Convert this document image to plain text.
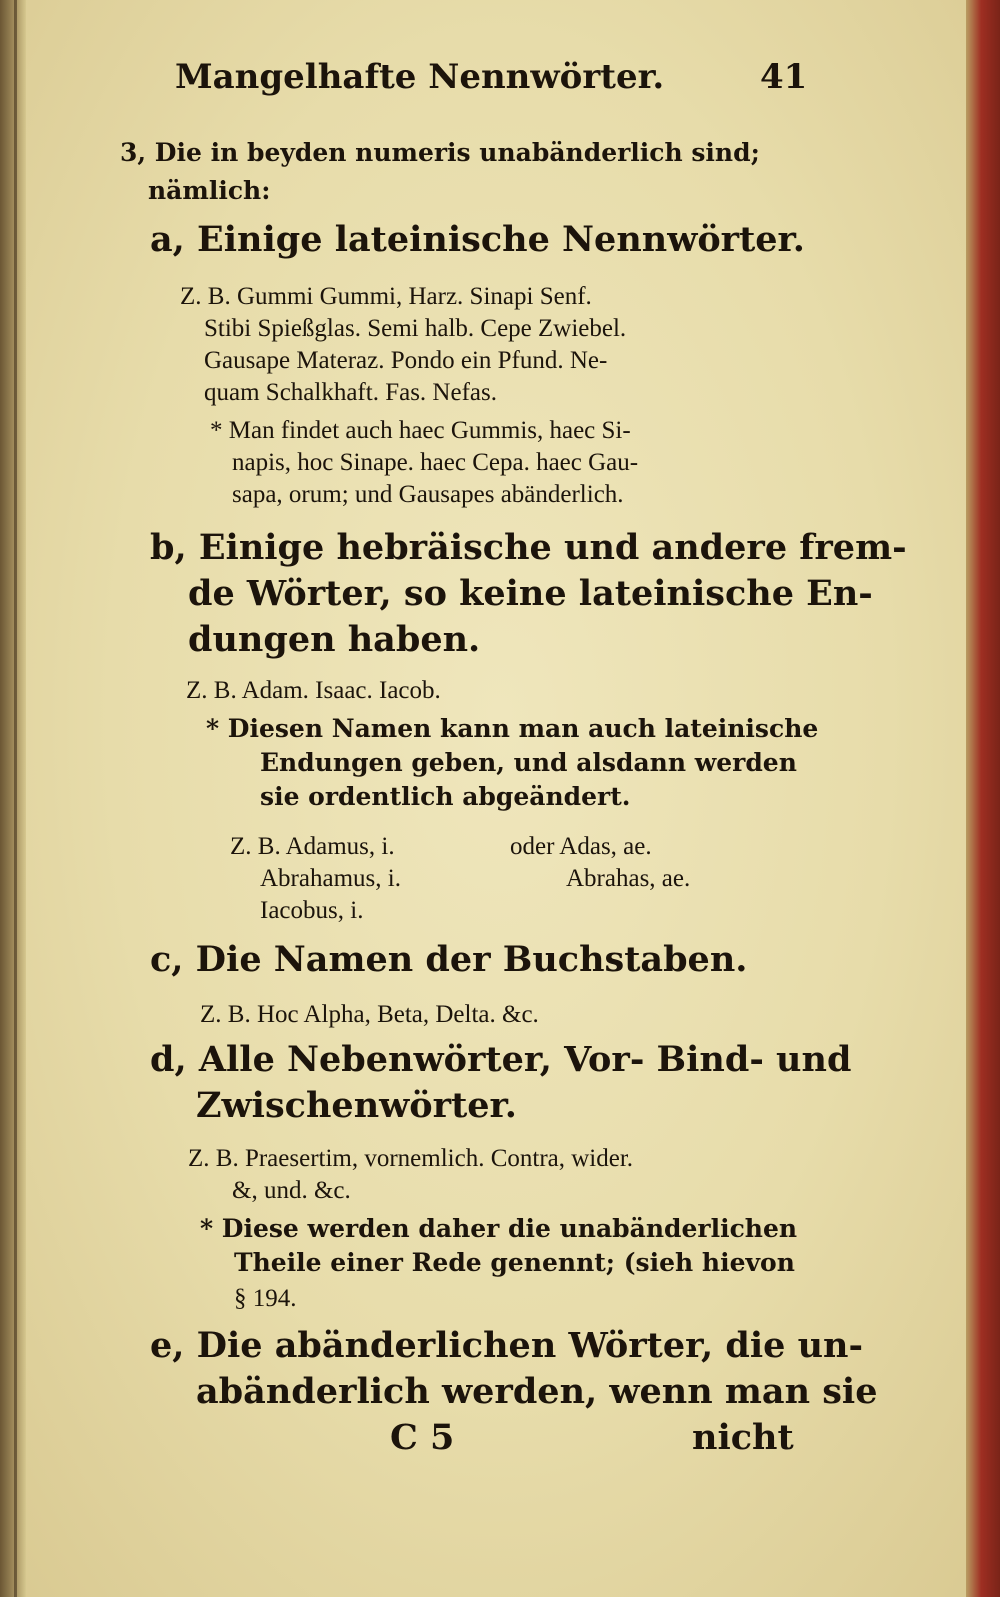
Mangelhafte Nennwörter.	41
3, Die in beyden numeris unabänderlich sind;
nämlich:
a, Einige lateinische Nennwörter.
Z. B. Gummi Gummi, Harz. Sinapi Senf.
Stibi Spießglas. Semi halb. Cepe Zwiebel.
Gausape Materaz. Pondo ein Pfund. Ne-
quam Schalkhaft. Fas. Nefas.
* Man findet auch haec Gummis, haec Si-
napis, hoc Sinape. haec Cepa. haec Gau-
sapa, orum; und Gausapes abänderlich.
b, Einige hebräische und andere frem-
de Wörter, so keine lateinische En-
dungen haben.
Z. B. Adam. Isaac. Iacob.
* Diesen Namen kann man auch lateinische
Endungen geben, und alsdann werden
sie ordentlich abgeändert.
Z. B. Adamus, i.	oder Adas, ae.
Abrahamus, i.	Abrahas, ae.
Iacobus, i.
c, Die Namen der Buchstaben.
Z. B. Hoc Alpha, Beta, Delta. &c.
d, Alle Nebenwörter, Vor- Bind- und
Zwischenwörter.
Z. B. Praesertim, vornemlich. Contra, wider.
&, und. &c.
* Diese werden daher die unabänderlichen
Theile einer Rede genennt; (sieh hievon
§ 194.
e, Die abänderlichen Wörter, die un-
abänderlich werden, wenn man sie
C 5	nicht
